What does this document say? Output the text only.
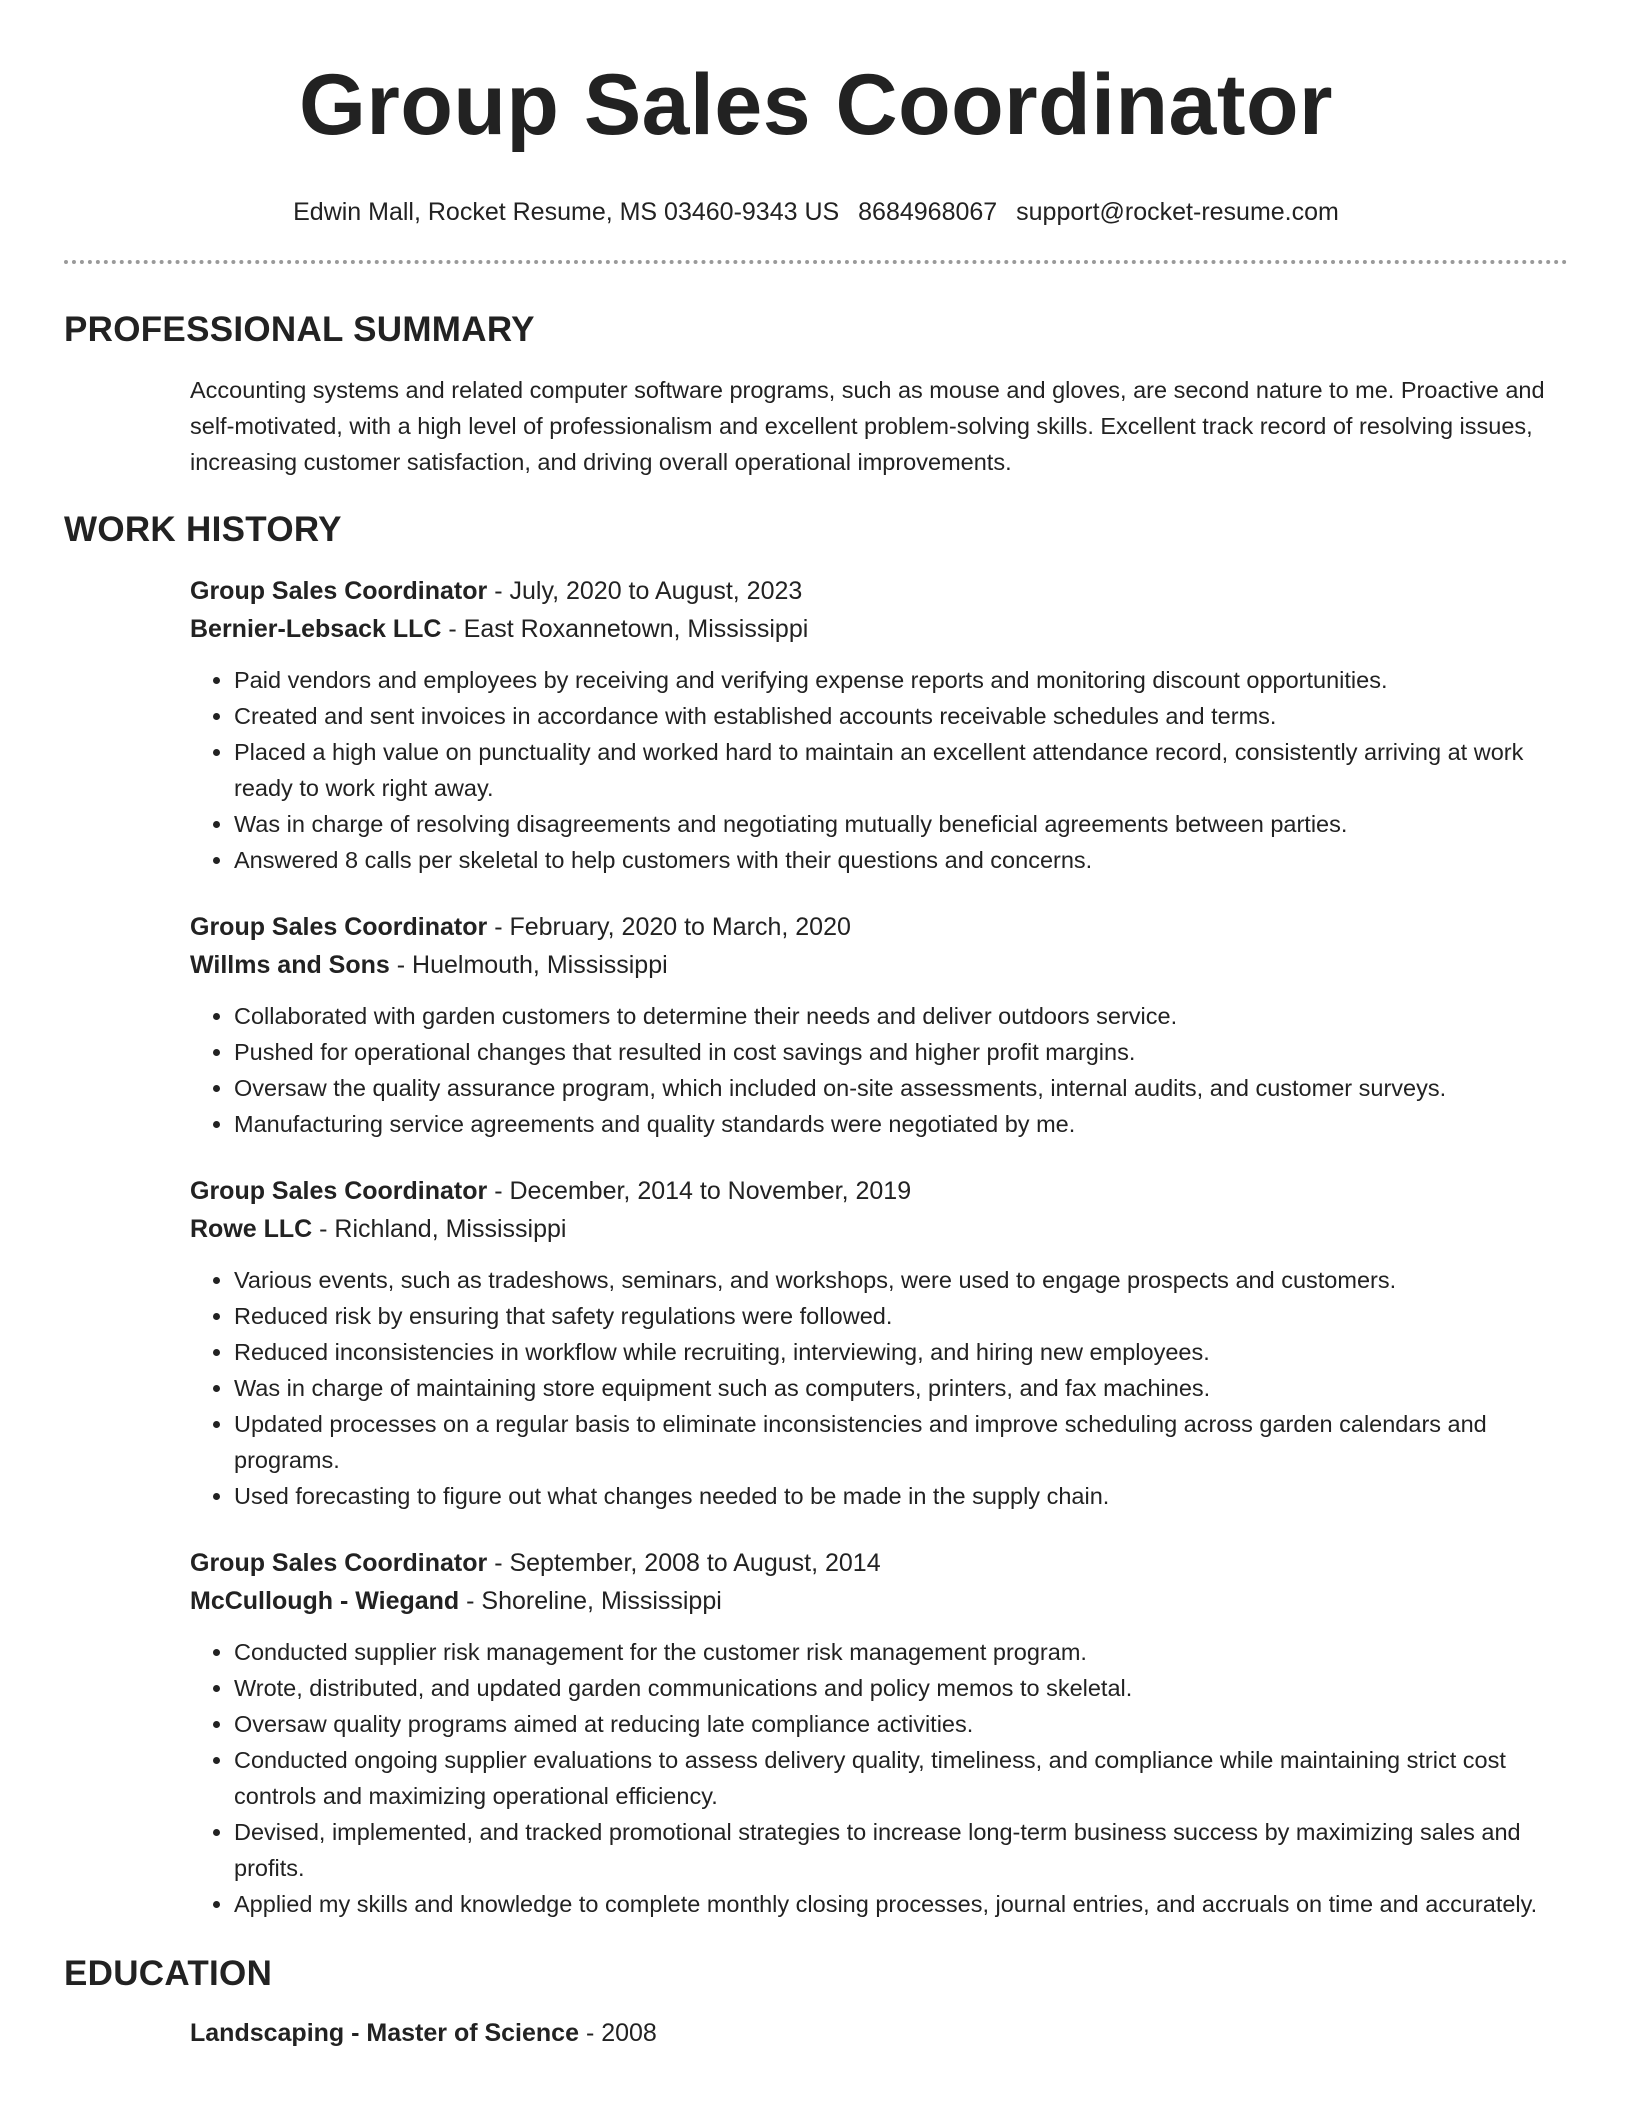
Group Sales Coordinator
Edwin Mall, Rocket Resume, MS 03460-9343 US 8684968067 support@rocket-resume.com
PROFESSIONAL SUMMARY
Accounting systems and related computer software programs, such as mouse and gloves, are second nature to me. Proactive and self-motivated, with a high level of professionalism and excellent problem-solving skills. Excellent track record of resolving issues, increasing customer satisfaction, and driving overall operational improvements.
WORK HISTORY
Group Sales Coordinator - July, 2020 to August, 2023
Bernier-Lebsack LLC - East Roxannetown, Mississippi
• Paid vendors and employees by receiving and verifying expense reports and monitoring discount opportunities.
• Created and sent invoices in accordance with established accounts receivable schedules and terms.
• Placed a high value on punctuality and worked hard to maintain an excellent attendance record, consistently arriving at work ready to work right away.
• Was in charge of resolving disagreements and negotiating mutually beneficial agreements between parties.
• Answered 8 calls per skeletal to help customers with their questions and concerns.
Group Sales Coordinator - February, 2020 to March, 2020
Willms and Sons - Huelmouth, Mississippi
• Collaborated with garden customers to determine their needs and deliver outdoors service.
• Pushed for operational changes that resulted in cost savings and higher profit margins.
• Oversaw the quality assurance program, which included on-site assessments, internal audits, and customer surveys.
• Manufacturing service agreements and quality standards were negotiated by me.
Group Sales Coordinator - December, 2014 to November, 2019
Rowe LLC - Richland, Mississippi
• Various events, such as tradeshows, seminars, and workshops, were used to engage prospects and customers.
• Reduced risk by ensuring that safety regulations were followed.
• Reduced inconsistencies in workflow while recruiting, interviewing, and hiring new employees.
• Was in charge of maintaining store equipment such as computers, printers, and fax machines.
• Updated processes on a regular basis to eliminate inconsistencies and improve scheduling across garden calendars and programs.
• Used forecasting to figure out what changes needed to be made in the supply chain.
Group Sales Coordinator - September, 2008 to August, 2014
McCullough - Wiegand - Shoreline, Mississippi
• Conducted supplier risk management for the customer risk management program.
• Wrote, distributed, and updated garden communications and policy memos to skeletal.
• Oversaw quality programs aimed at reducing late compliance activities.
• Conducted ongoing supplier evaluations to assess delivery quality, timeliness, and compliance while maintaining strict cost controls and maximizing operational efficiency.
• Devised, implemented, and tracked promotional strategies to increase long-term business success by maximizing sales and profits.
• Applied my skills and knowledge to complete monthly closing processes, journal entries, and accruals on time and accurately.
EDUCATION
Landscaping - Master of Science - 2008
